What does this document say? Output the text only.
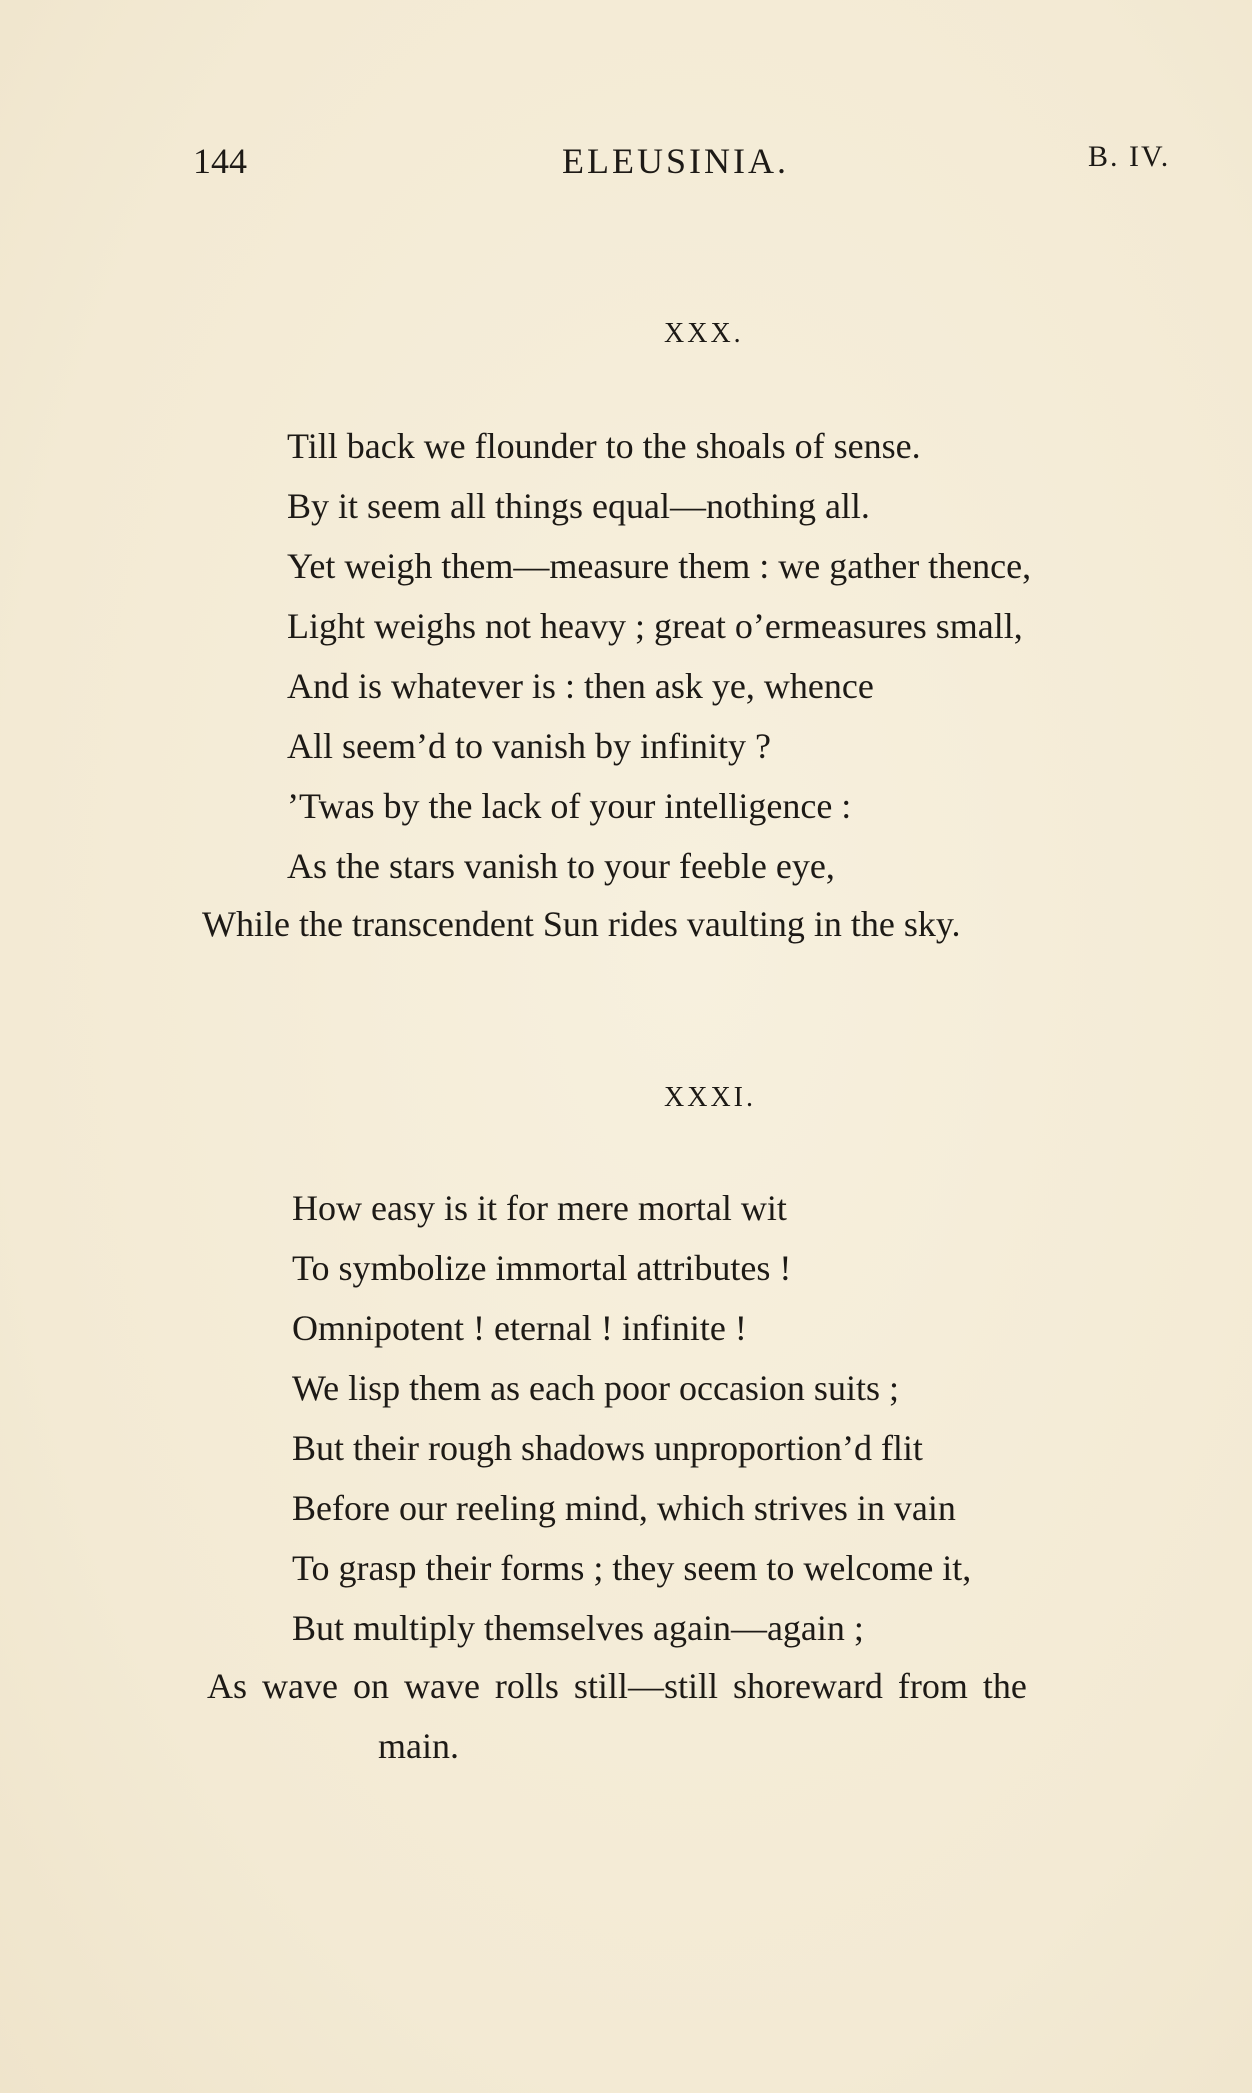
144	ELEUSINIA.	B. IV.
XXX.
Till back we flounder to the shoals of sense.
By it seem all things equal—nothing all.
Yet weigh them—measure them : we gather thence,
Light weighs not heavy ; great o’ermeasures small,
And is whatever is : then ask ye, whence
All seem’d to vanish by infinity ?
’Twas by the lack of your intelligence :
As the stars vanish to your feeble eye,
While the transcendent Sun rides vaulting in the sky.
XXXI.
How easy is it for mere mortal wit
To symbolize immortal attributes !
Omnipotent ! eternal ! infinite !
We lisp them as each poor occasion suits ;
But their rough shadows unproportion’d flit
Before our reeling mind, which strives in vain
To grasp their forms ; they seem to welcome it,
But multiply themselves again—again ;
As wave on wave rolls still—still shoreward from the
main.
